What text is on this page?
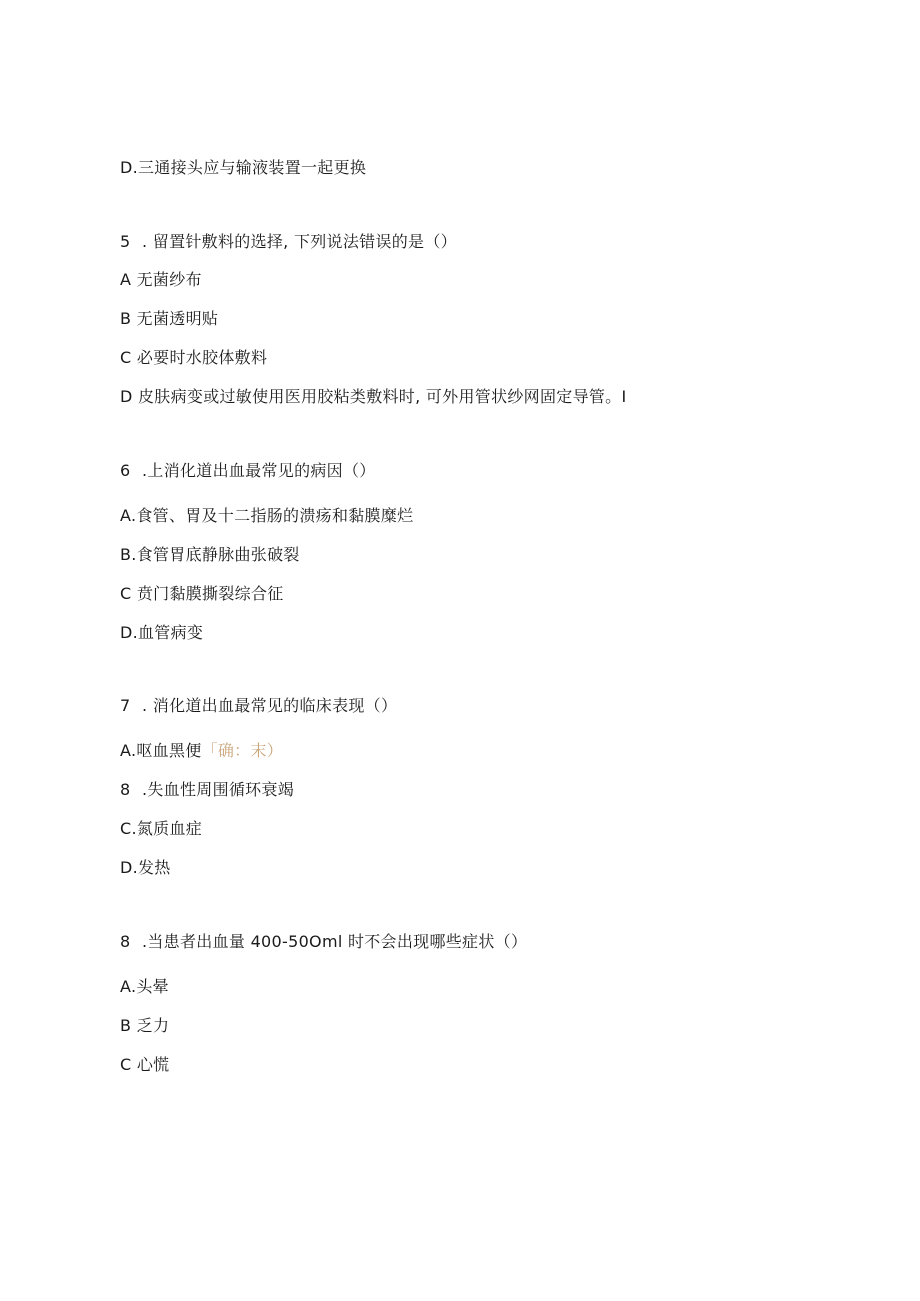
D.三通接头应与输液装置一起更换
5 . 留置针敷料的选择, 下列说法错误的是（）
A 无菌纱布
B 无菌透明贴
C 必要时水胶体敷料
D 皮肤病变或过敏使用医用胶粘类敷料时, 可外用管状纱网固定导管。I
6 .上消化道出血最常见的病因（）
A.食管、胃及十二指肠的溃疡和黏膜糜烂
B.食管胃底静脉曲张破裂
C 贲门黏膜撕裂综合征
D.血管病变
7 . 消化道出血最常见的临床表现（）
A.呕血黑便「确：末）
8 .失血性周围循环衰竭
C.氮质血症
D.发热
8 .当患者出血量 400-50Oml 时不会出现哪些症状（）
A.头晕
B 乏力
C 心慌
